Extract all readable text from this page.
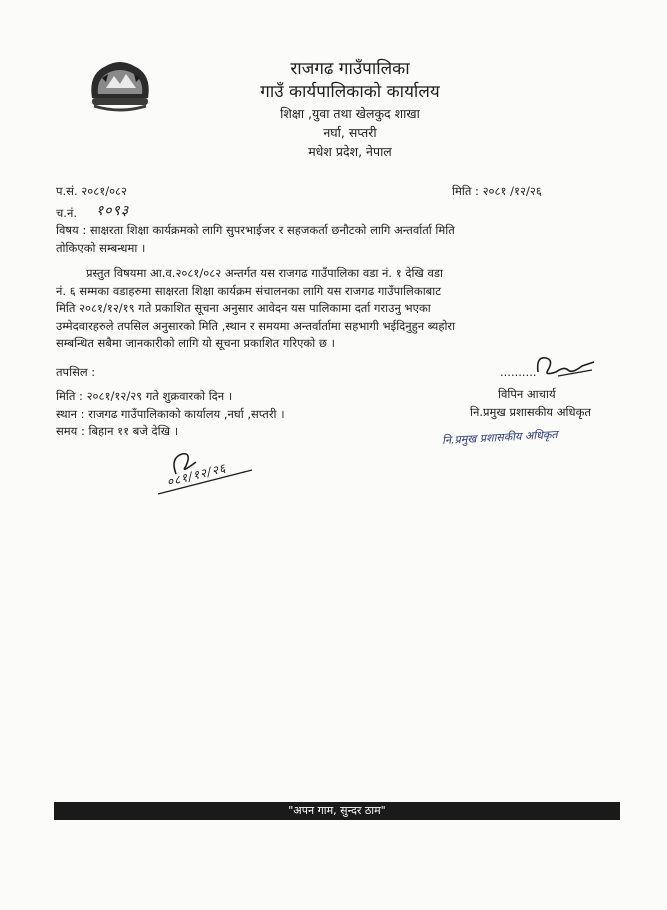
राजगढ गाउँपालिका

गाउँ कार्यपालिकाको कार्यालय

शिक्षा ,युवा तथा खेलकुद शाखा

नर्घा, सप्तरी

मधेश प्रदेश, नेपाल

प.सं. २०८१/०८२
च.नं. १०९३
मिति : २०८१ /१२/२६
विषय : साक्षरता शिक्षा कार्यक्रमको लागि सुपरभाईजर र सहजकर्ता छनौटको लागि अन्तर्वार्ता मिति
तोकिएको सम्बन्धमा ।
प्रस्तुत विषयमा आ.व.२०८१/०८२ अन्तर्गत यस राजगढ गाउँपालिका वडा नं. १ देखि वडा
नं. ६ सम्मका वडाहरुमा साक्षरता शिक्षा कार्यक्रम संचालनका लागि यस राजगढ गाउँपालिकाबाट
मिति २०८१/१२/१९ गते प्रकाशित सूचना अनुसार आवेदन यस पालिकामा दर्ता गराउनु भएका
उम्मेदवारहरुले तपसिल अनुसारको मिति ,स्थान र समयमा अन्तर्वार्तामा सहभागी भईदिनुहुन ब्यहोरा
सम्बन्धित सबैमा जानकारीको लागि यो सूचना प्रकाशित गरिएको छ ।
तपसिल :
मिति : २०८१/१२/२९ गते शुक्रवारको दिन ।
स्थान : राजगढ गाउँपालिकाको कार्यालय ,नर्घा ,सप्तरी ।
समय : बिहान ११ बजे देखि ।
..........
विपिन आचार्य
नि.प्रमुख प्रशासकीय अधिकृत
नि.प्रमुख प्रशासकीय अधिकृत
०८१/१२/२६
"अपन गाम, सुन्दर ठाम"
